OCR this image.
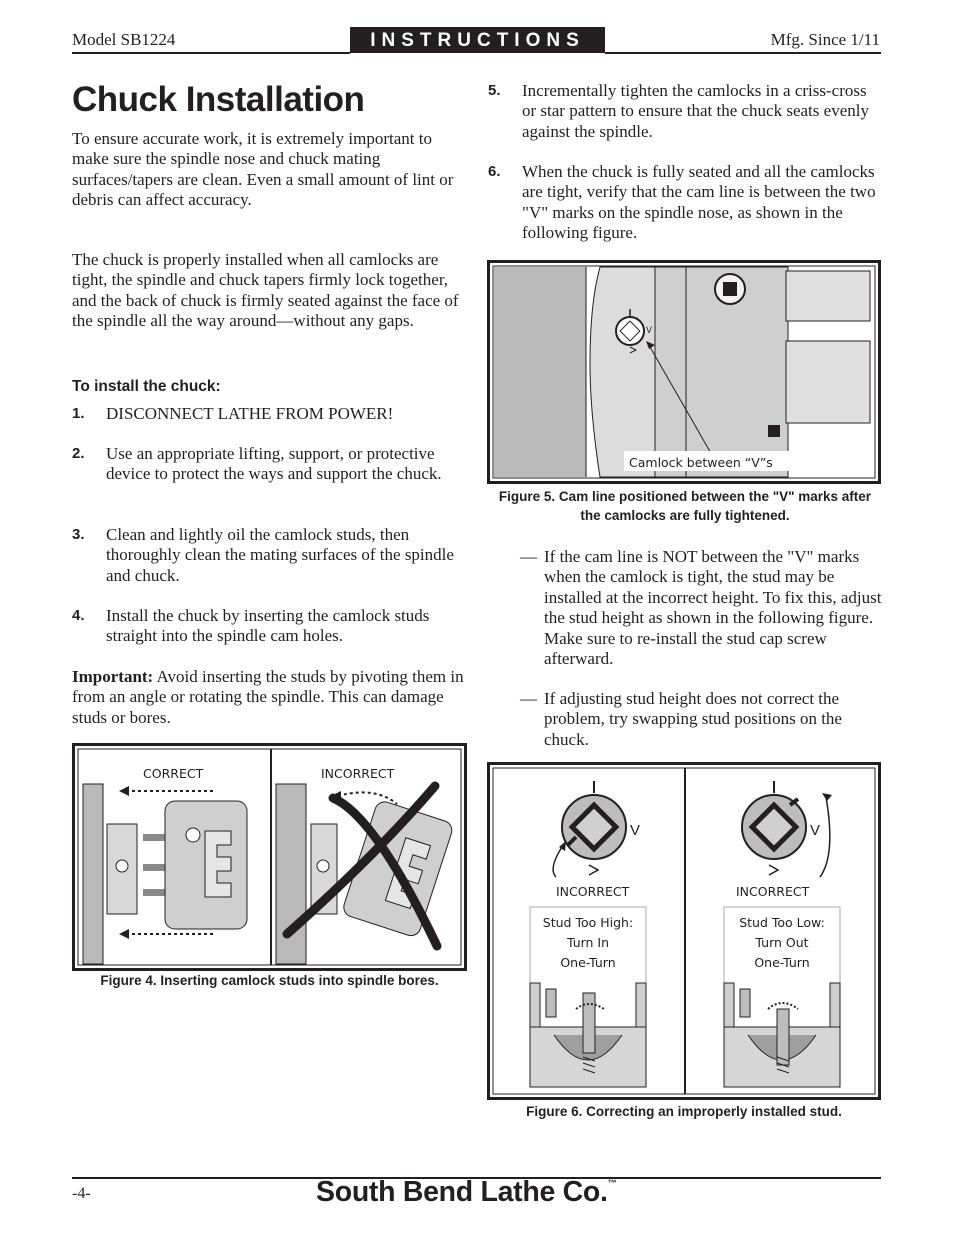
Model SB1224	INSTRUCTIONS	Mfg. Since 1/11
Chuck Installation
To ensure accurate work, it is extremely important to make sure the spindle nose and chuck mating surfaces/tapers are clean. Even a small amount of lint or debris can affect accuracy.
The chuck is properly installed when all camlocks are tight, the spindle and chuck tapers firmly lock together, and the back of chuck is firmly seated against the face of the spindle all the way around—without any gaps.
To install the chuck:
1. DISCONNECT LATHE FROM POWER!
2. Use an appropriate lifting, support, or protective device to protect the ways and support the chuck.
3. Clean and lightly oil the camlock studs, then thoroughly clean the mating surfaces of the spindle and chuck.
4. Install the chuck by inserting the camlock studs straight into the spindle cam holes.
Important: Avoid inserting the studs by pivoting them in from an angle or rotating the spindle. This can damage studs or bores.
CORRECT	INCORRECT
Figure 4. Inserting camlock studs into spindle bores.
5. Incrementally tighten the camlocks in a criss-cross or star pattern to ensure that the chuck seats evenly against the spindle.
6. When the chuck is fully seated and all the camlocks are tight, verify that the cam line is between the two "V" marks on the spindle nose, as shown in the following figure.
V
Camlock between “V”s
Figure 5. Cam line positioned between the "V" marks after the camlocks are fully tightened.
— If the cam line is NOT between the "V" marks when the camlock is tight, the stud may be installed at the incorrect height. To fix this, adjust the stud height as shown in the following figure. Make sure to re-install the stud cap screw afterward.
— If adjusting stud height does not correct the problem, try swapping stud positions on the chuck.
V
INCORRECT
Stud Too High:
Turn In
One-Turn
V
INCORRECT
Stud Too Low:
Turn Out
One-Turn
Figure 6. Correcting an improperly installed stud.
-4-	South Bend Lathe Co.™
